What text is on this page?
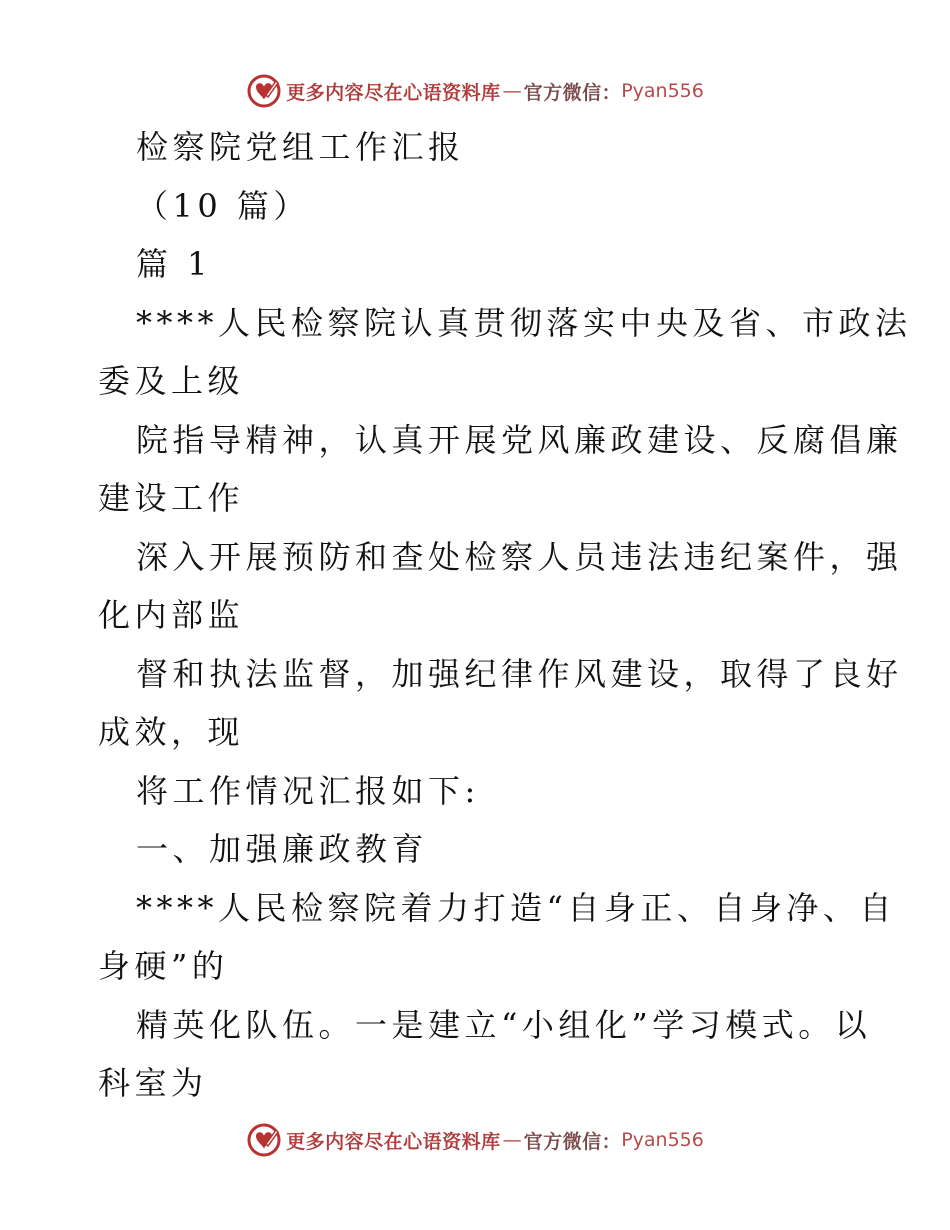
更多内容尽在心语资料库 — 官方微信： Pyan556
检察院党组工作汇报
（10 篇）
篇 1
****人民检察院认真贯彻落实中央及省、市政法
委及上级
院指导精神，认真开展党风廉政建设、反腐倡廉
建设工作
深入开展预防和查处检察人员违法违纪案件，强
化内部监
督和执法监督，加强纪律作风建设，取得了良好
成效，现
将工作情况汇报如下:
一、加强廉政教育
****人民检察院着力打造“自身正、自身净、自
身硬”的
精英化队伍。一是建立“小组化”学习模式。以
科室为
更多内容尽在心语资料库 — 官方微信： Pyan556
